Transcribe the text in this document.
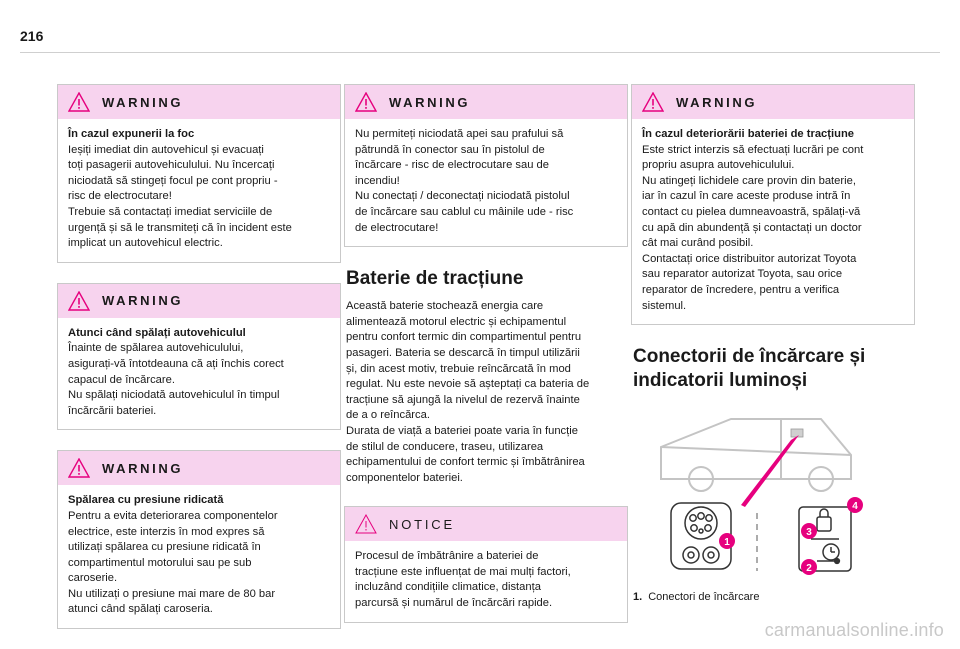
216
WARNING

În cazul expunerii la foc

Ieșiți imediat din autovehicul și evacuați

toți pasagerii autovehiculului. Nu încercați

niciodată să stingeți focul pe cont propriu -

risc de electrocutare!

Trebuie să contactați imediat serviciile de

urgență și să le transmiteți că în incident este

implicat un autovehicul electric.

WARNING

Atunci când spălați autovehiculul

Înainte de spălarea autovehiculului,

asigurați-vă întotdeauna că ați închis corect

capacul de încărcare.

Nu spălați niciodată autovehiculul în timpul

încărcării bateriei.

WARNING

Spălarea cu presiune ridicată

Pentru a evita deteriorarea componentelor

electrice, este interzis în mod expres să

utilizați spălarea cu presiune ridicată în

compartimentul motorului sau pe sub

caroserie.

Nu utilizați o presiune mai mare de 80 bar

atunci când spălați caroseria.

WARNING

Nu permiteți niciodată apei sau prafului să

pătrundă în conector sau în pistolul de

încărcare - risc de electrocutare sau de

incendiu!

Nu conectați / deconectați niciodată pistolul

de încărcare sau cablul cu mâinile ude - risc

de electrocutare!

Baterie de tracțiune

Această baterie stochează energia care

alimentează motorul electric și echipamentul

pentru confort termic din compartimentul pentru

pasageri. Bateria se descarcă în timpul utilizării

și, din acest motiv, trebuie reîncărcată în mod

regulat. Nu este nevoie să așteptați ca bateria de

tracțiune să ajungă la nivelul de rezervă înainte

de a o reîncărca.

Durata de viață a bateriei poate varia în funcție

de stilul de conducere, traseu, utilizarea

echipamentului de confort termic și îmbătrânirea

componentelor bateriei.

NOTICE

Procesul de îmbătrânire a bateriei de

tracțiune este influențat de mai mulți factori,

incluzând condițiile climatice, distanța

parcursă și numărul de încărcări rapide.

WARNING

În cazul deteriorării bateriei de tracțiune

Este strict interzis să efectuați lucrări pe cont

propriu asupra autovehiculului.

Nu atingeți lichidele care provin din baterie,

iar în cazul în care aceste produse intră în

contact cu pielea dumneavoastră, spălați-vă

cu apă din abundență și contactați un doctor

cât mai curând posibil.

Contactați orice distribuitor autorizat Toyota

sau reparator autorizat Toyota, sau orice

reparator de încredere, pentru a verifica

sistemul.

Conectorii de încărcare și
indicatorii luminoși
1
2
3
4
1. Conectori de încărcare
carmanualsonline.info
